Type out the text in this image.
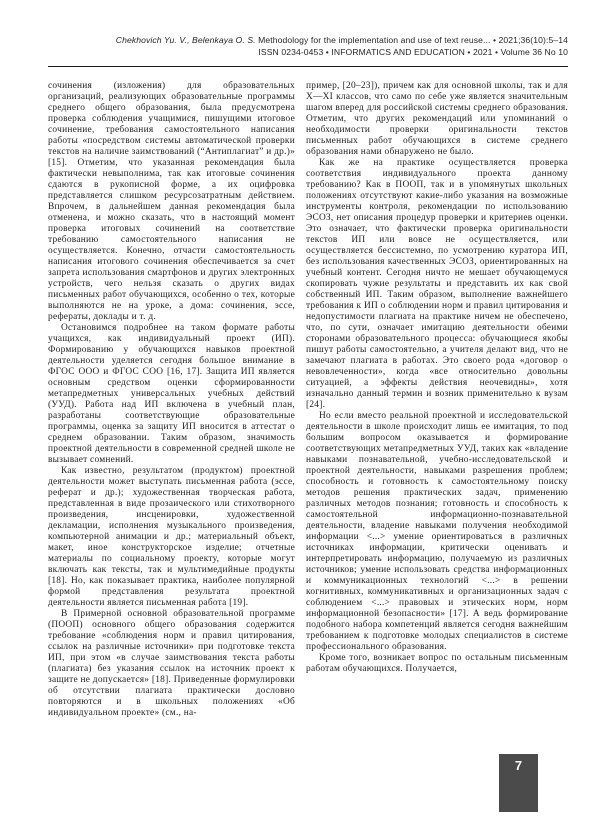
Chekhovich Yu. V., Belenkaya O. S. Methodology for the implementation and use of text reuse... • 2021;36(10):5–14
ISSN 0234-0453 • INFORMATICS AND EDUCATION • 2021 • Volume 36 No 10

сочинения (изложения) для образовательных организаций, реализующих образовательные программы среднего общего образования, была предусмотрена проверка соблюдения учащимися, пишущими итоговое сочинение, требования самостоятельного написания работы «посредством системы автоматической проверки текстов на наличие заимствований (“Антиплагиат” и др.)» [15]. Отметим, что указанная рекомендация была фактически невыполнима, так как итоговые сочинения сдаются в рукописной форме, а их оцифровка представляется слишком ресурсозатратным действием. Впрочем, в дальнейшем данная рекомендация была отменена, и можно сказать, что в настоящий момент проверка итоговых сочинений на соответствие требованию самостоятельного написания не осуществляется. Конечно, отчасти самостоятельность написания итогового сочинения обеспечивается за счет запрета использования смартфонов и других электронных устройств, чего нельзя сказать о других видах письменных работ обучающихся, особенно о тех, которые выполняются не на уроке, а дома: сочинения, эссе, рефераты, доклады и т. д.

Остановимся подробнее на таком формате работы учащихся, как индивидуальный проект (ИП). Формированию у обучающихся навыков проектной деятельности уделяется сегодня большое внимание в ФГОС ООО и ФГОС СОО [16, 17]. Защита ИП является основным средством оценки сформированности метапредметных универсальных учебных действий (УУД). Работа над ИП включена в учебный план, разработаны соответствующие образовательные программы, оценка за защиту ИП вносится в аттестат о среднем образовании. Таким образом, значимость проектной деятельности в современной средней школе не вызывает сомнений.

Как известно, результатом (продуктом) проектной деятельности может выступать письменная работа (эссе, реферат и др.); художественная творческая работа, представленная в виде прозаического или стихотворного произведения, инсценировки, художественной декламации, исполнения музыкального произведения, компьютерной анимации и др.; материальный объект, макет, иное конструкторское изделие; отчетные материалы по социальному проекту, которые могут включать как тексты, так и мультимедийные продукты [18]. Но, как показывает практика, наиболее популярной формой представления результата проектной деятельности является письменная работа [19].

В Примерной основной образовательной программе (ПООП) основного общего образования содержится требование «соблюдения норм и правил цитирования, ссылок на различные источники» при подготовке текста ИП, при этом «в случае заимствования текста работы (плагиата) без указания ссылок на источник проект к защите не допускается» [18]. Приведенные формулировки об отсутствии плагиата практически дословно повторяются и в школьных положениях «Об индивидуальном проекте» (см., на-

пример, [20–23]), причем как для основной школы, так и для X—XI классов, что само по себе уже является значительным шагом вперед для российской системы среднего образования. Отметим, что других рекомендаций или упоминаний о необходимости проверки оригинальности текстов письменных работ обучающихся в системе среднего образования нами обнаружено не было.

Как же на практике осуществляется проверка соответствия индивидуального проекта данному требованию? Как в ПООП, так и в упомянутых школьных положениях отсутствуют какие-либо указания на возможные инструменты контроля, рекомендации по использованию ЭСОЗ, нет описания процедур проверки и критериев оценки. Это означает, что фактически проверка оригинальности текстов ИП или вовсе не осуществляется, или осуществляется бессистемно, по усмотрению куратора ИП, без использования качественных ЭСОЗ, ориентированных на учебный контент. Сегодня ничто не мешает обучающемуся скопировать чужие результаты и представить их как свой собственный ИП. Таким образом, выполнение важнейшего требования к ИП о соблюдении норм и правил цитирования и недопустимости плагиата на практике ничем не обеспечено, что, по сути, означает имитацию деятельности обеими сторонами образовательного процесса: обучающиеся якобы пишут работы самостоятельно, а учителя делают вид, что не замечают плагиата в работах. Это своего рода «договор о невовлеченности», когда «все относительно довольны ситуацией, а эффекты действия неочевидны», хотя изначально данный термин и возник применительно к вузам [24].

Но если вместо реальной проектной и исследовательской деятельности в школе происходит лишь ее имитация, то под большим вопросом оказывается и формирование соответствующих метапредметных УУД, таких как «владение навыками познавательной, учебно-исследовательской и проектной деятельности, навыками разрешения проблем; способность и готовность к самостоятельному поиску методов решения практических задач, применению различных методов познания; готовность и способность к самостоятельной информационно-познавательной деятельности, владение навыками получения необходимой информации <...> умение ориентироваться в различных источниках информации, критически оценивать и интерпретировать информацию, получаемую из различных источников; умение использовать средства информационных и коммуникационных технологий <...> в решении когнитивных, коммуникативных и организационных задач с соблюдением <...> правовых и этических норм, норм информационной безопасности» [17]. А ведь формирование подобного набора компетенций является сегодня важнейшим требованием к подготовке молодых специалистов в системе профессионального образования.

Кроме того, возникает вопрос по остальным письменным работам обучающихся. Получается,

7
